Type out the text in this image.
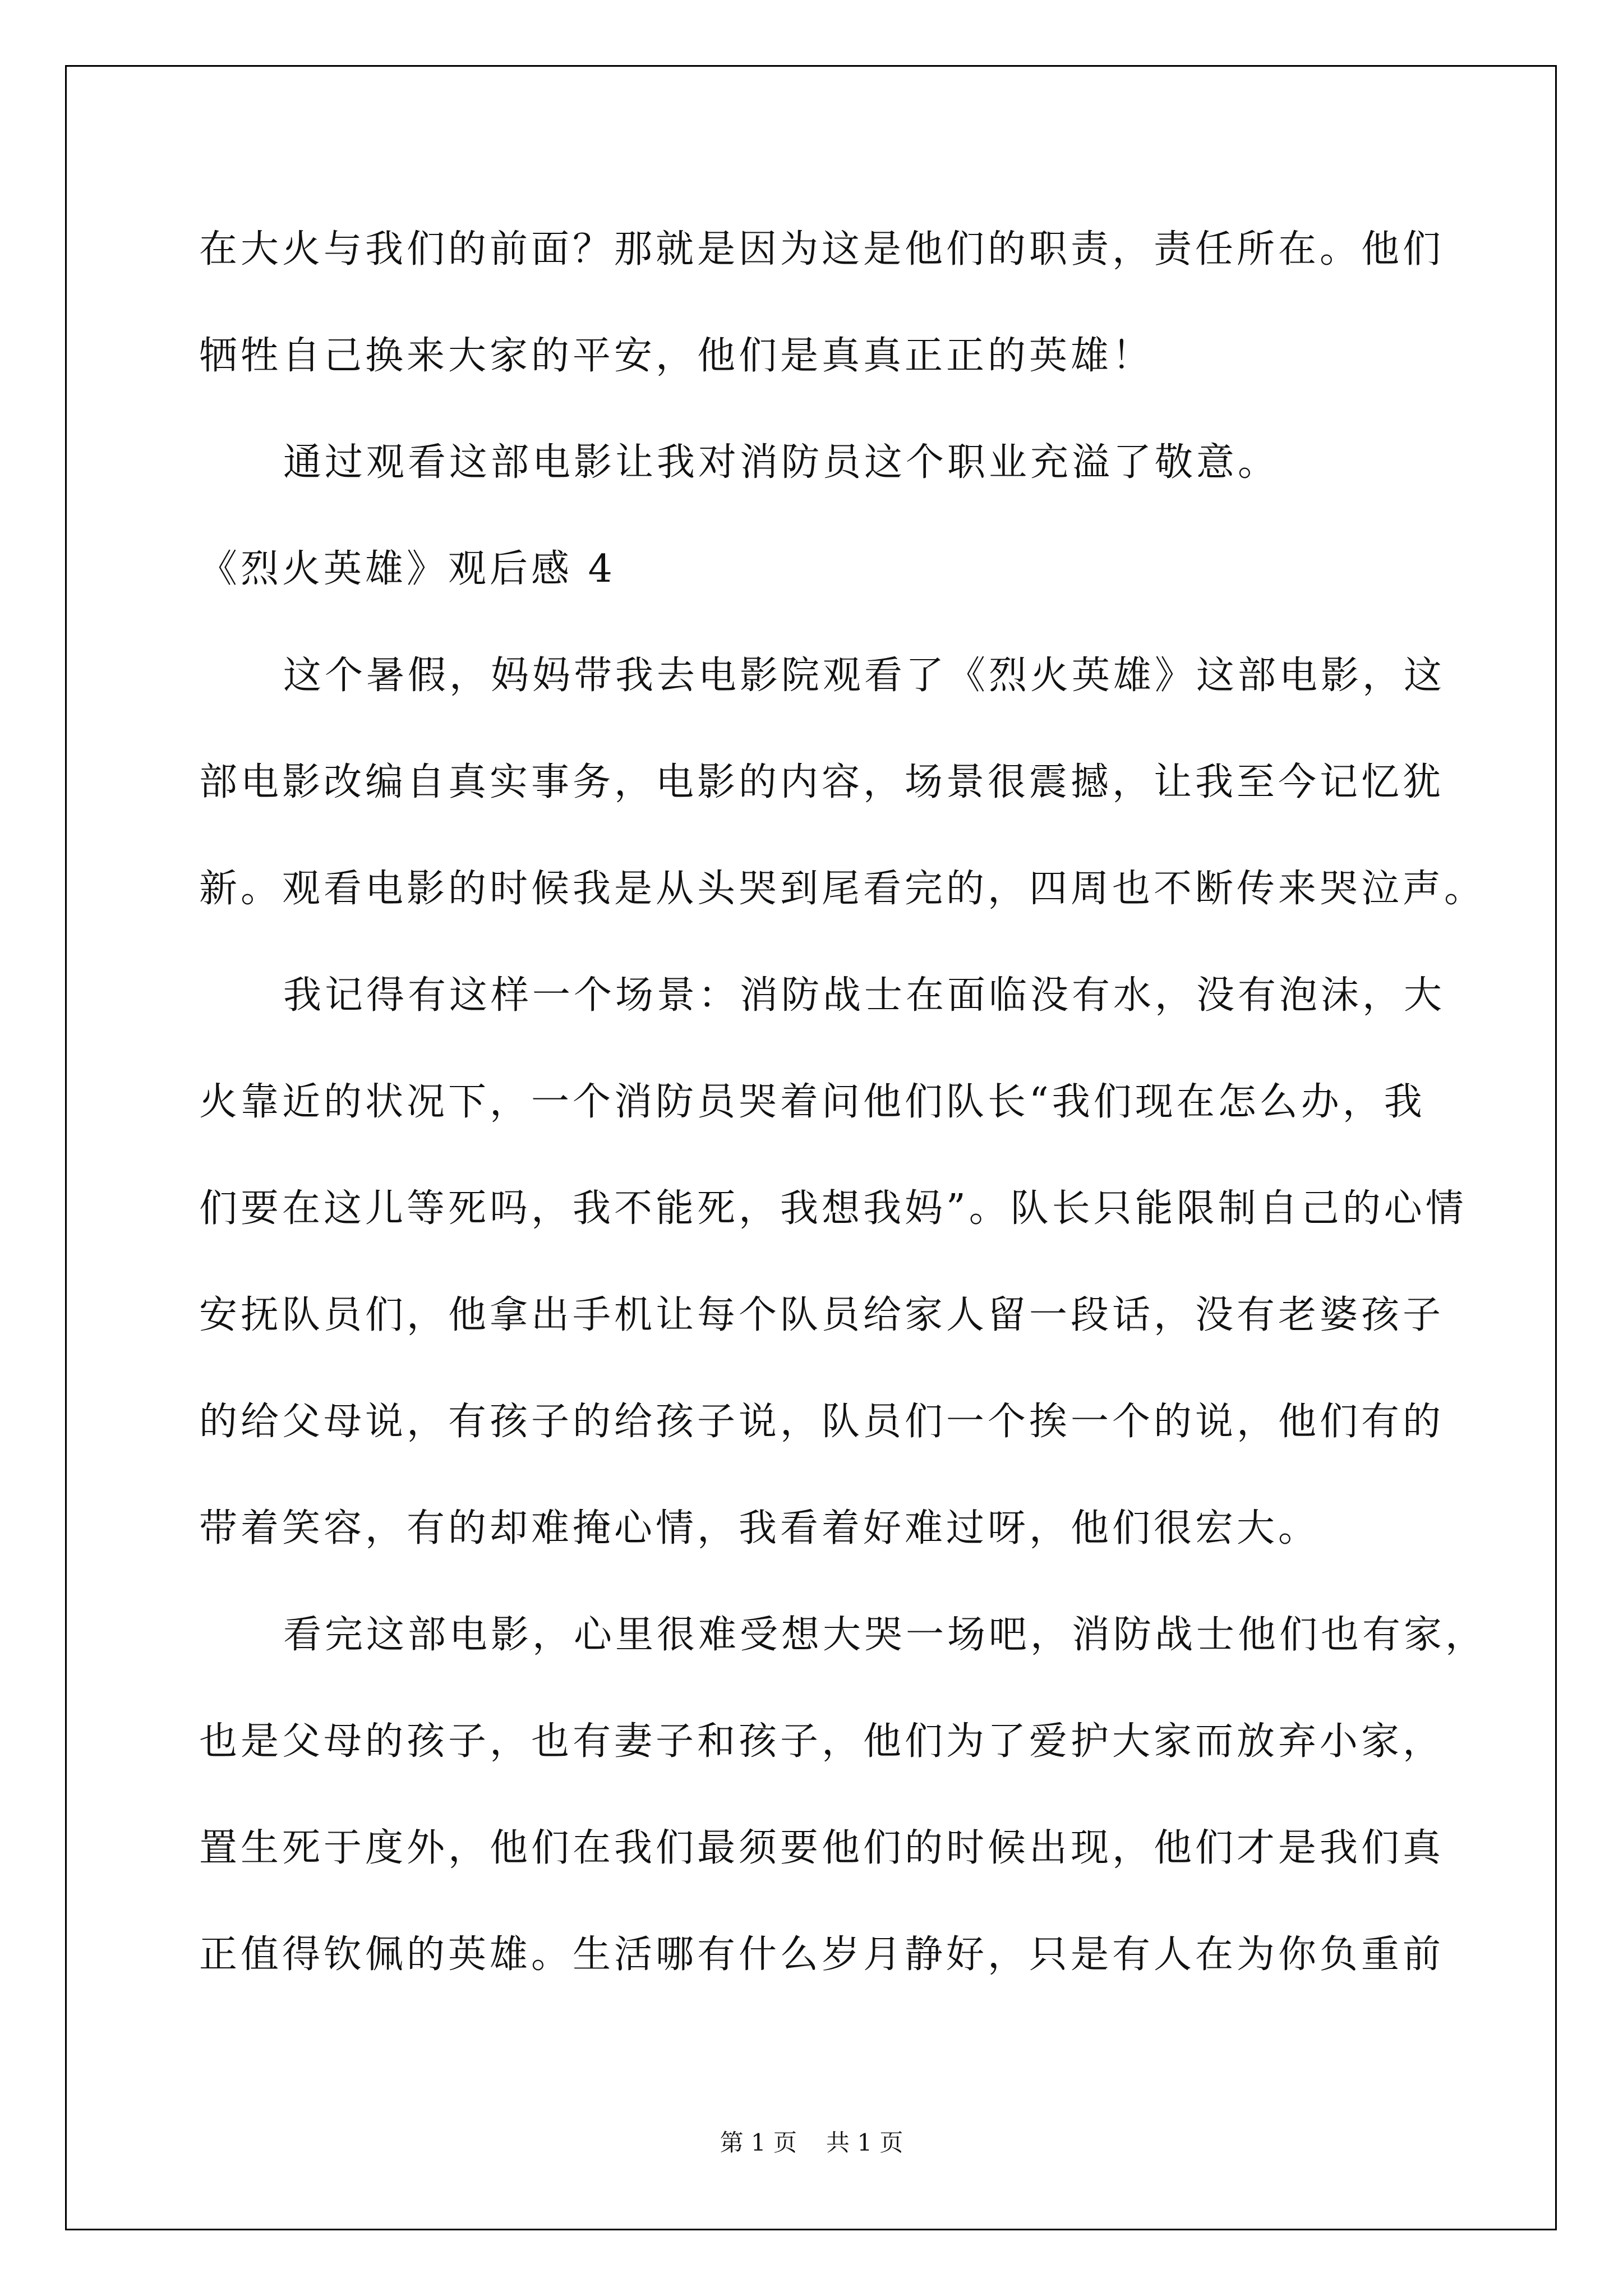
在大火与我们的前面？那就是因为这是他们的职责，责任所在。他们
牺牲自己换来大家的平安，他们是真真正正的英雄！
通过观看这部电影让我对消防员这个职业充溢了敬意。
《烈火英雄》观后感 4
这个暑假，妈妈带我去电影院观看了《烈火英雄》这部电影，这
部电影改编自真实事务，电影的内容，场景很震撼，让我至今记忆犹
新。观看电影的时候我是从头哭到尾看完的，四周也不断传来哭泣声。
我记得有这样一个场景：消防战士在面临没有水，没有泡沫，大
火靠近的状况下，一个消防员哭着问他们队长“我们现在怎么办，我
们要在这儿等死吗，我不能死，我想我妈”。队长只能限制自己的心情
安抚队员们，他拿出手机让每个队员给家人留一段话，没有老婆孩子
的给父母说，有孩子的给孩子说，队员们一个挨一个的说，他们有的
带着笑容，有的却难掩心情，我看着好难过呀，他们很宏大。
看完这部电影，心里很难受想大哭一场吧，消防战士他们也有家，
也是父母的孩子，也有妻子和孩子，他们为了爱护大家而放弃小家，
置生死于度外，他们在我们最须要他们的时候出现，他们才是我们真
正值得钦佩的英雄。生活哪有什么岁月静好，只是有人在为你负重前
第 1 页 共 1 页
